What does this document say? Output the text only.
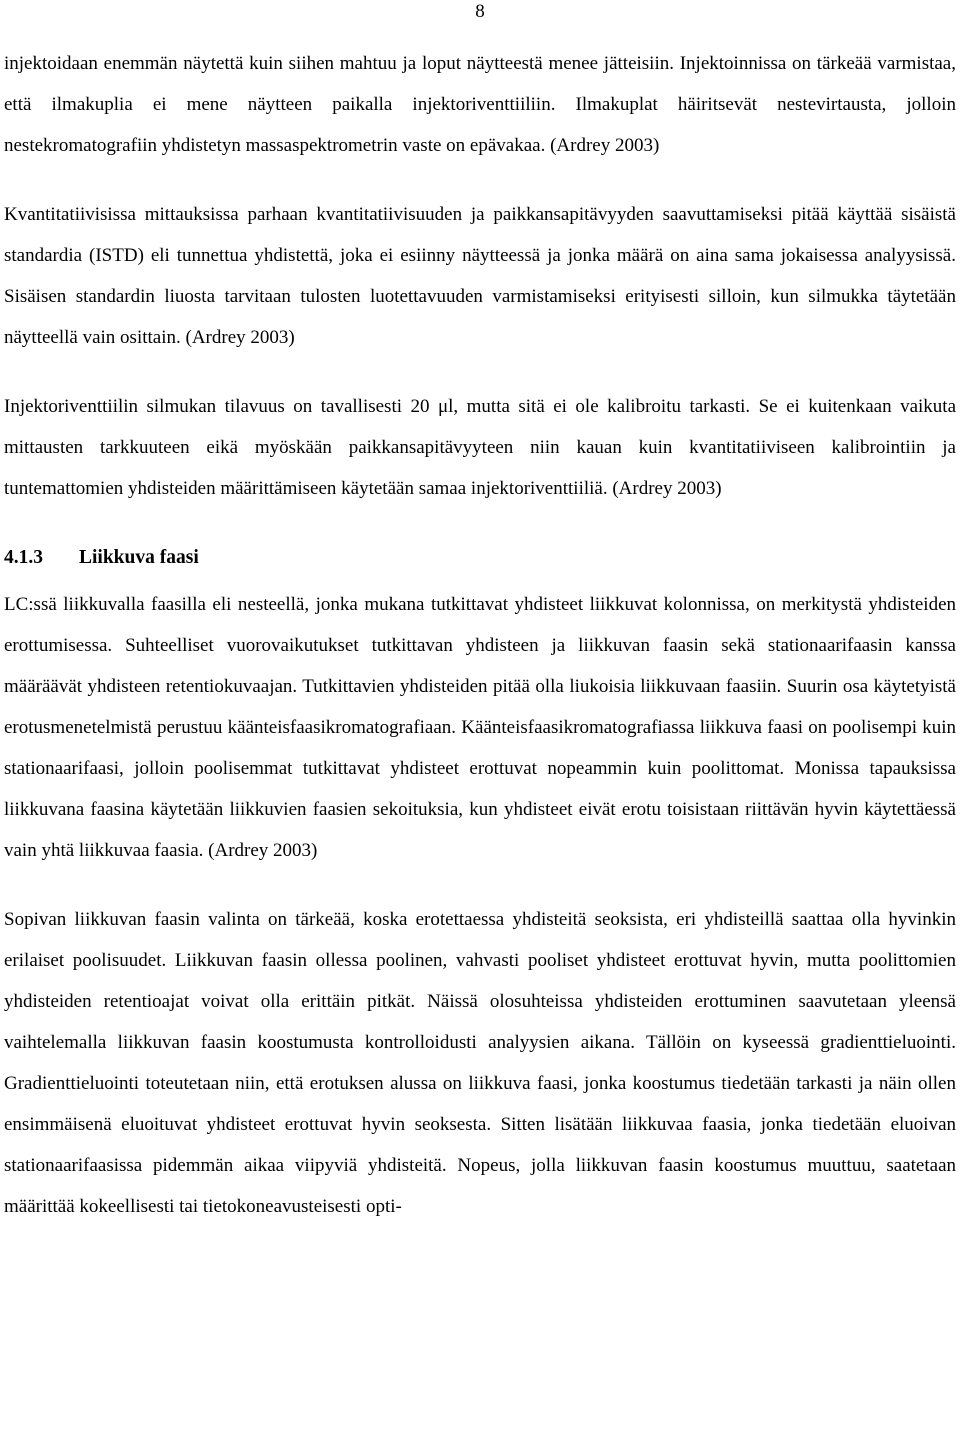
8

injektoidaan enemmän näytettä kuin siihen mahtuu ja loput näytteestä menee jätteisiin. Injektoinnissa on tärkeää varmistaa, että ilmakuplia ei mene näytteen paikalla injektoriventtiiliin. Ilmakuplat häiritsevät nestevirtausta, jolloin nestekromatografiin yhdistetyn massaspektrometrin vaste on epävakaa. (Ardrey 2003)

Kvantitatiivisissa mittauksissa parhaan kvantitatiivisuuden ja paikkansapitävyyden saavuttamiseksi pitää käyttää sisäistä standardia (ISTD) eli tunnettua yhdistettä, joka ei esiinny näytteessä ja jonka määrä on aina sama jokaisessa analyysissä. Sisäisen standardin liuosta tarvitaan tulosten luotettavuuden varmistamiseksi erityisesti silloin, kun silmukka täytetään näytteellä vain osittain. (Ardrey 2003)

Injektoriventtiilin silmukan tilavuus on tavallisesti 20 μl, mutta sitä ei ole kalibroitu tarkasti. Se ei kuitenkaan vaikuta mittausten tarkkuuteen eikä myöskään paikkansapitävyyteen niin kauan kuin kvantitatiiviseen kalibrointiin ja tuntemattomien yhdisteiden määrittämiseen käytetään samaa injektoriventtiiliä. (Ardrey 2003)

4.1.3 Liikkuva faasi

LC:ssä liikkuvalla faasilla eli nesteellä, jonka mukana tutkittavat yhdisteet liikkuvat kolonnissa, on merkitystä yhdisteiden erottumisessa. Suhteelliset vuorovaikutukset tutkittavan yhdisteen ja liikkuvan faasin sekä stationaarifaasin kanssa määräävät yhdisteen retentiokuvaajan. Tutkittavien yhdisteiden pitää olla liukoisia liikkuvaan faasiin. Suurin osa käytetyistä erotusmenetelmistä perustuu käänteisfaasikromatografiaan. Käänteisfaasikromatografiassa liikkuva faasi on poolisempi kuin stationaarifaasi, jolloin poolisemmat tutkittavat yhdisteet erottuvat nopeammin kuin poolittomat. Monissa tapauksissa liikkuvana faasina käytetään liikkuvien faasien sekoituksia, kun yhdisteet eivät erotu toisistaan riittävän hyvin käytettäessä vain yhtä liikkuvaa faasia. (Ardrey 2003)

Sopivan liikkuvan faasin valinta on tärkeää, koska erotettaessa yhdisteitä seoksista, eri yhdisteillä saattaa olla hyvinkin erilaiset poolisuudet. Liikkuvan faasin ollessa poolinen, vahvasti pooliset yhdisteet erottuvat hyvin, mutta poolittomien yhdisteiden retentioajat voivat olla erittäin pitkät. Näissä olosuhteissa yhdisteiden erottuminen saavutetaan yleensä vaihtelemalla liikkuvan faasin koostumusta kontrolloidusti analyysien aikana. Tällöin on kyseessä gradienttieluointi. Gradienttieluointi toteutetaan niin, että erotuksen alussa on liikkuva faasi, jonka koostumus tiedetään tarkasti ja näin ollen ensimmäisenä eluoituvat yhdisteet erottuvat hyvin seoksesta. Sitten lisätään liikkuvaa faasia, jonka tiedetään eluoivan stationaarifaasissa pidemmän aikaa viipyviä yhdisteitä. Nopeus, jolla liikkuvan faasin koostumus muuttuu, saatetaan määrittää kokeellisesti tai tietokoneavusteisesti opti-
